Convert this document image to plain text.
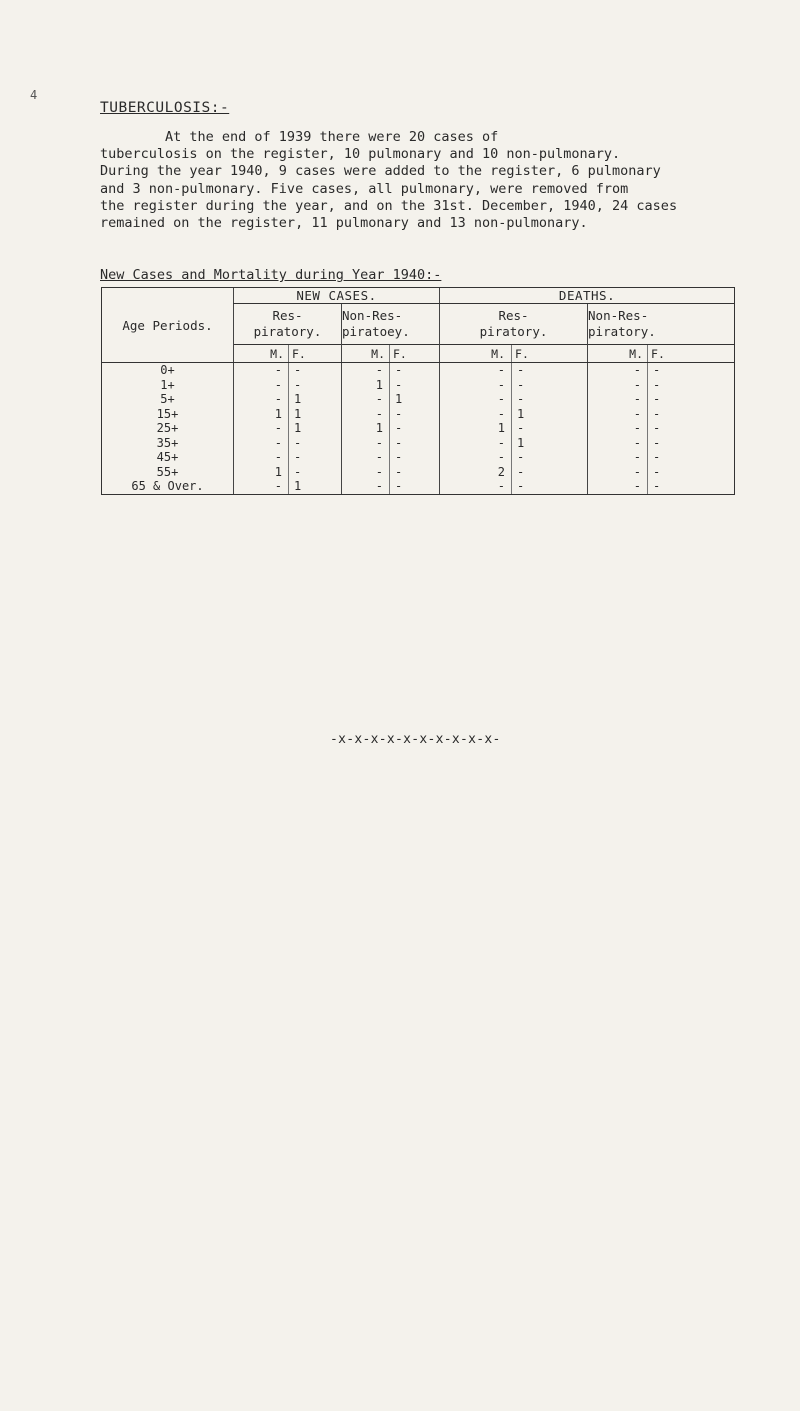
4
TUBERCULOSIS:-
At the end of 1939 there were 20 cases of
tuberculosis on the register, 10 pulmonary and 10 non-pulmonary.
During the year 1940, 9 cases were added to the register, 6 pulmonary
and 3 non-pulmonary. Five cases, all pulmonary, were removed from
the register during the year, and on the 31st. December, 1940, 24 cases
remained on the register, 11 pulmonary and 13 non-pulmonary.
New Cases and Mortality during Year 1940:-
Age Periods.	NEW CASES.				DEATHS.			
	Res-
piratory.		Non-Res-
piratoey.		Res-
piratory.		Non-Res-
piratory.	
	M.	F.	M.	F.	M.	F.	M.	F.
0+	-	-	-	-	-	-	-	-
1+	-	-	1	-	-	-	-	-
5+	-	1	-	1	-	-	-	-
15+	1	1	-	-	-	1	-	-
25+	-	1	1	-	1	-	-	-
35+	-	-	-	-	-	1	-	-
45+	-	-	-	-	-	-	-	-
55+	1	-	-	-	2	-	-	-
65 & Over.	-	1	-	-	-	-	-	-
-x-x-x-x-x-x-x-x-x-x-
